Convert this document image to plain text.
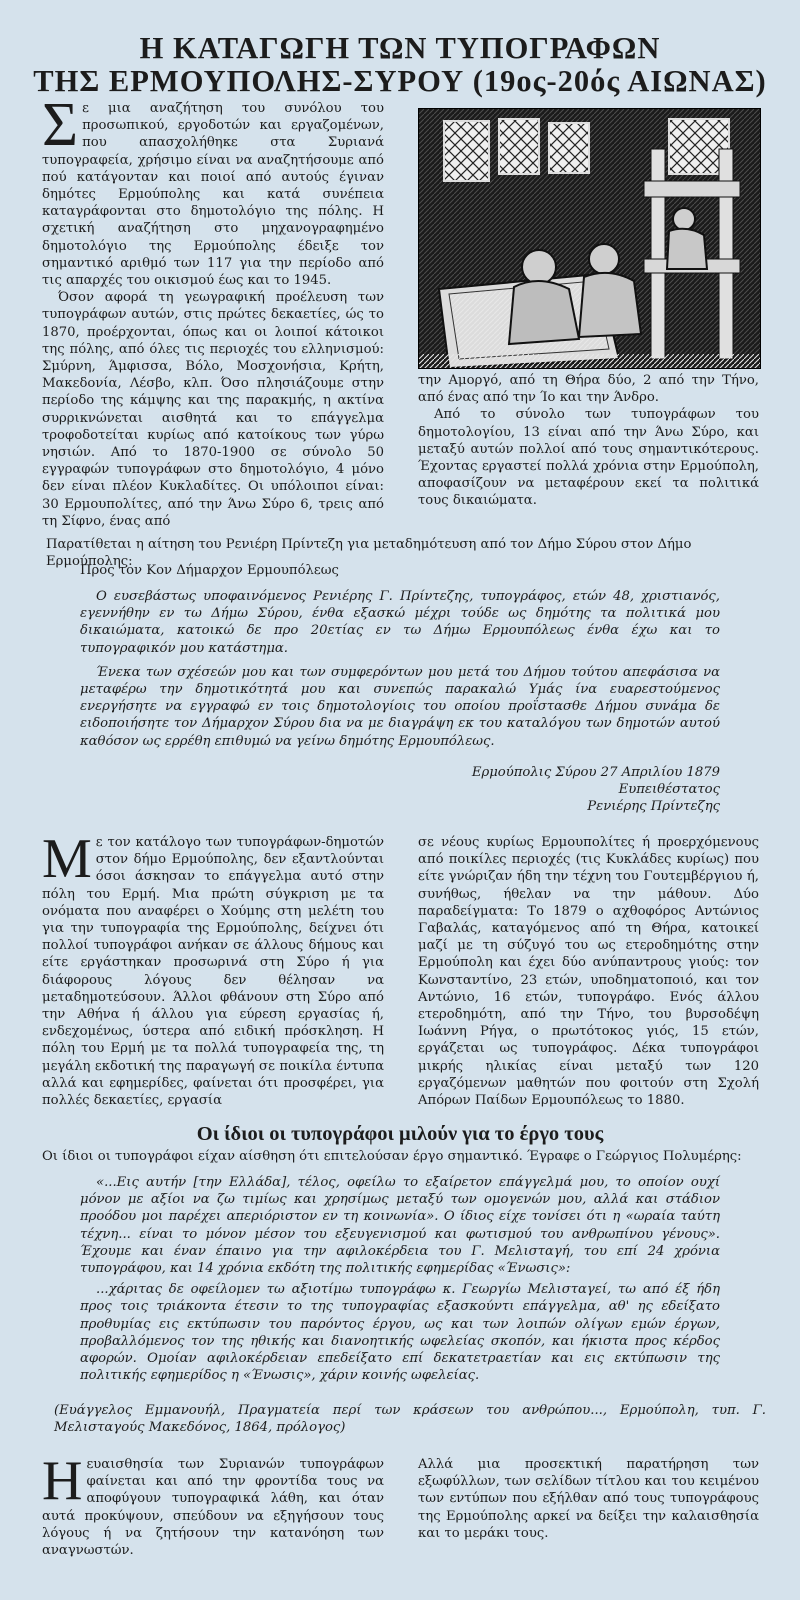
Η ΚΑΤΑΓΩΓΗ ΤΩΝ ΤΥΠΟΓΡΑΦΩΝ
ΤΗΣ ΕΡΜΟΥΠΟΛΗΣ-ΣΥΡΟΥ (19ος-20ός ΑΙΩΝΑΣ)
Σ ε μια αναζήτηση του συνόλου του προσωπικού, εργοδοτών και εργαζομένων, που απασχολήθηκε στα Συριανά τυπογραφεία, χρήσιμο είναι να αναζητήσουμε από πού κατάγονταν και ποιοί από αυτούς έγιναν δημότες Ερμούπολης και κατά συνέπεια καταγράφονται στο δημοτολόγιο της πόλης. Η σχετική αναζήτηση στο μηχανογραφημένο δημοτολόγιο της Ερμούπολης έδειξε τον σημαντικό αριθμό των 117 για την περίοδο από τις απαρχές του οικισμού έως και το 1945.

Όσον αφορά τη γεωγραφική προέλευση των τυπογράφων αυτών, στις πρώτες δεκαετίες, ώς το 1870, προέρχονται, όπως και οι λοιποί κάτοικοι της πόλης, από όλες τις περιοχές του ελληνισμού: Σμύρνη, Άμφισσα, Βόλο, Μοσχονήσια, Κρήτη, Μακεδονία, Λέσβο, κλπ. Όσο πλησιάζουμε στην περίοδο της κάμψης και της παρακμής, η ακτίνα συρρικνώνεται αισθητά και το επάγγελμα τροφοδοτείται κυρίως από κατοίκους των γύρω νησιών. Από το 1870-1900 σε σύνολο 50 εγγραφών τυπογράφων στο δημοτολόγιο, 4 μόνο δεν είναι πλέον Κυκλαδίτες. Οι υπόλοιποι είναι: 30 Ερμουπολίτες, από την Άνω Σύρο 6, τρεις από τη Σίφνο, ένας από

την Αμοργό, από τη Θήρα δύο, 2 από την Τήνο, από ένας από την Ίο και την Άνδρο.

Από το σύνολο των τυπογράφων του δημοτολογίου, 13 είναι από την Άνω Σύρο, και μεταξύ αυτών πολλοί από τους σημαντικότερους. Έχοντας εργαστεί πολλά χρόνια στην Ερμούπολη, αποφασίζουν να μεταφέρουν εκεί τα πολιτικά τους δικαιώματα.

Παρατίθεται η αίτηση του Ρενιέρη Πρίντεζη για μεταδημότευση από τον Δήμο Σύρου στον Δήμο Ερμούπολης:

Προς τον Κον Δήμαρχον Ερμουπόλεως

Ο ευσεβάστως υποφαινόμενος Ρενιέρης Γ. Πρίντεζης, τυπογράφος, ετών 48, χριστιανός, εγεννήθην εν τω Δήμω Σύρου, ένθα εξασκώ μέχρι τούδε ως δημότης τα πολιτικά μου δικαιώματα, κατοικώ δε προ 20ετίας εν τω Δήμω Ερμουπόλεως ένθα έχω και το τυπογραφικόν μου κατάστημα.

Ένεκα των σχέσεών μου και των συμφερόντων μου μετά του Δήμου τούτου απεφάσισα να μεταφέρω την δημοτικότητά μου και συνεπώς παρακαλώ Υμάς ίνα ευαρεστούμενος ενεργήσητε να εγγραφώ εν τοις δημοτολογίοις του οποίου προΐστασθε Δήμου συνάμα δε ειδοποιήσητε τον Δήμαρχον Σύρου δια να με διαγράψη εκ του καταλόγου των δημοτών αυτού καθόσον ως ερρέθη επιθυμώ να γείνω δημότης Ερμουπόλεως.

Ερμούπολις Σύρου 27 Απριλίου 1879
Ευπειθέστατος
Ρενιέρης Πρίντεζης
Μ ε τον κατάλογο των τυπογράφων-δημοτών στον δήμο Ερμούπολης, δεν εξαντλούνται όσοι άσκησαν το επάγγελμα αυτό στην πόλη του Ερμή. Μια πρώτη σύγκριση με τα ονόματα που αναφέρει ο Χούμης στη μελέτη του για την τυπογραφία της Ερμούπολης, δείχνει ότι πολλοί τυπογράφοι ανήκαν σε άλλους δήμους και είτε εργάστηκαν προσωρινά στη Σύρο ή για διάφορους λόγους δεν θέλησαν να μεταδημοτεύσουν. Άλλοι φθάνουν στη Σύρο από την Αθήνα ή άλλου για εύρεση εργασίας ή, ενδεχομένως, ύστερα από ειδική πρόσκληση. Η πόλη του Ερμή με τα πολλά τυπογραφεία της, τη μεγάλη εκδοτική της παραγωγή σε ποικίλα έντυπα αλλά και εφημερίδες, φαίνεται ότι προσφέρει, για πολλές δεκαετίες, εργασία

σε νέους κυρίως Ερμουπολίτες ή προερχόμενους από ποικίλες περιοχές (τις Κυκλάδες κυρίως) που είτε γνώριζαν ήδη την τέχνη του Γουτεμβέργιου ή, συνήθως, ήθελαν να την μάθουν. Δύο παραδείγματα: Το 1879 ο αχθοφόρος Αντώνιος Γαβαλάς, καταγόμενος από τη Θήρα, κατοικεί μαζί με τη σύζυγό του ως ετεροδημότης στην Ερμούπολη και έχει δύο ανύπαντρους γιούς: τον Κωνσταντίνο, 23 ετών, υποδηματοποιό, και τον Αντώνιο, 16 ετών, τυπογράφο. Ενός άλλου ετεροδημότη, από την Τήνο, του βυρσοδέψη Ιωάννη Ρήγα, ο πρωτότοκος γιός, 15 ετών, εργάζεται ως τυπογράφος. Δέκα τυπογράφοι μικρής ηλικίας είναι μεταξύ των 120 εργαζόμενων μαθητών που φοιτούν στη Σχολή Απόρων Παίδων Ερμουπόλεως το 1880.

Οι ίδιοι οι τυπογράφοι μιλούν για το έργο τους

Οι ίδιοι οι τυπογράφοι είχαν αίσθηση ότι επιτελούσαν έργο σημαντικό. Έγραφε ο Γεώργιος Πολυμέρης:

«...Εις αυτήν [την Ελλάδα], τέλος, οφείλω το εξαίρετον επάγγελμά μου, το οποίον ουχί μόνον με αξίοι να ζω τιμίως και χρησίμως μεταξύ των ομογενών μου, αλλά και στάδιον προόδου μοι παρέχει απεριόριστον εν τη κοινωνία». Ο ίδιος είχε τονίσει ότι η «ωραία ταύτη τέχνη... είναι το μόνον μέσον του εξευγενισμού και φωτισμού του ανθρωπίνου γένους». Έχουμε και έναν έπαινο για την αφιλοκέρδεια του Γ. Μελισταγή, του επί 24 χρόνια τυπογράφου, και 14 χρόνια εκδότη της πολιτικής εφημερίδας «Ένωσις»:

...χάριτας δε οφείλομεν τω αξιοτίμω τυπογράφω κ. Γεωργίω Μελισταγεί, τω από έξ ήδη προς τοις τριάκοντα έτεσιν το της τυπογραφίας εξασκούντι επάγγελμα, αθ' ης εδείξατο προθυμίας εις εκτύπωσιν του παρόντος έργου, ως και των λοιπών ολίγων εμών έργων, προβαλλόμενος τον της ηθικής και διανοητικής ωφελείας σκοπόν, και ήκιστα προς κέρδος αφορών. Ομοίαν αφιλοκέρδειαν επεδείξατο επί δεκατετραετίαν και εις εκτύπωσιν της πολιτικής εφημερίδος η «Ένωσις», χάριν κοινής ωφελείας.

(Ευάγγελος Εμμανουήλ, Πραγματεία περί των κράσεων του ανθρώπου..., Ερμούπολη, τυπ. Γ. Μελισταγούς Μακεδόνος, 1864, πρόλογος)

Η ευαισθησία των Συριανών τυπογράφων φαίνεται και από την φροντίδα τους να αποφύγουν τυπογραφικά λάθη, και όταν αυτά προκύψουν, σπεύδουν να εξηγήσουν τους λόγους ή να ζητήσουν την κατανόηση των αναγνωστών.

Αλλά μια προσεκτική παρατήρηση των εξωφύλλων, των σελίδων τίτλου και του κειμένου των εντύπων που εξήλθαν από τους τυπογράφους της Ερμούπολης αρκεί να δείξει την καλαισθησία και το μεράκι τους.
